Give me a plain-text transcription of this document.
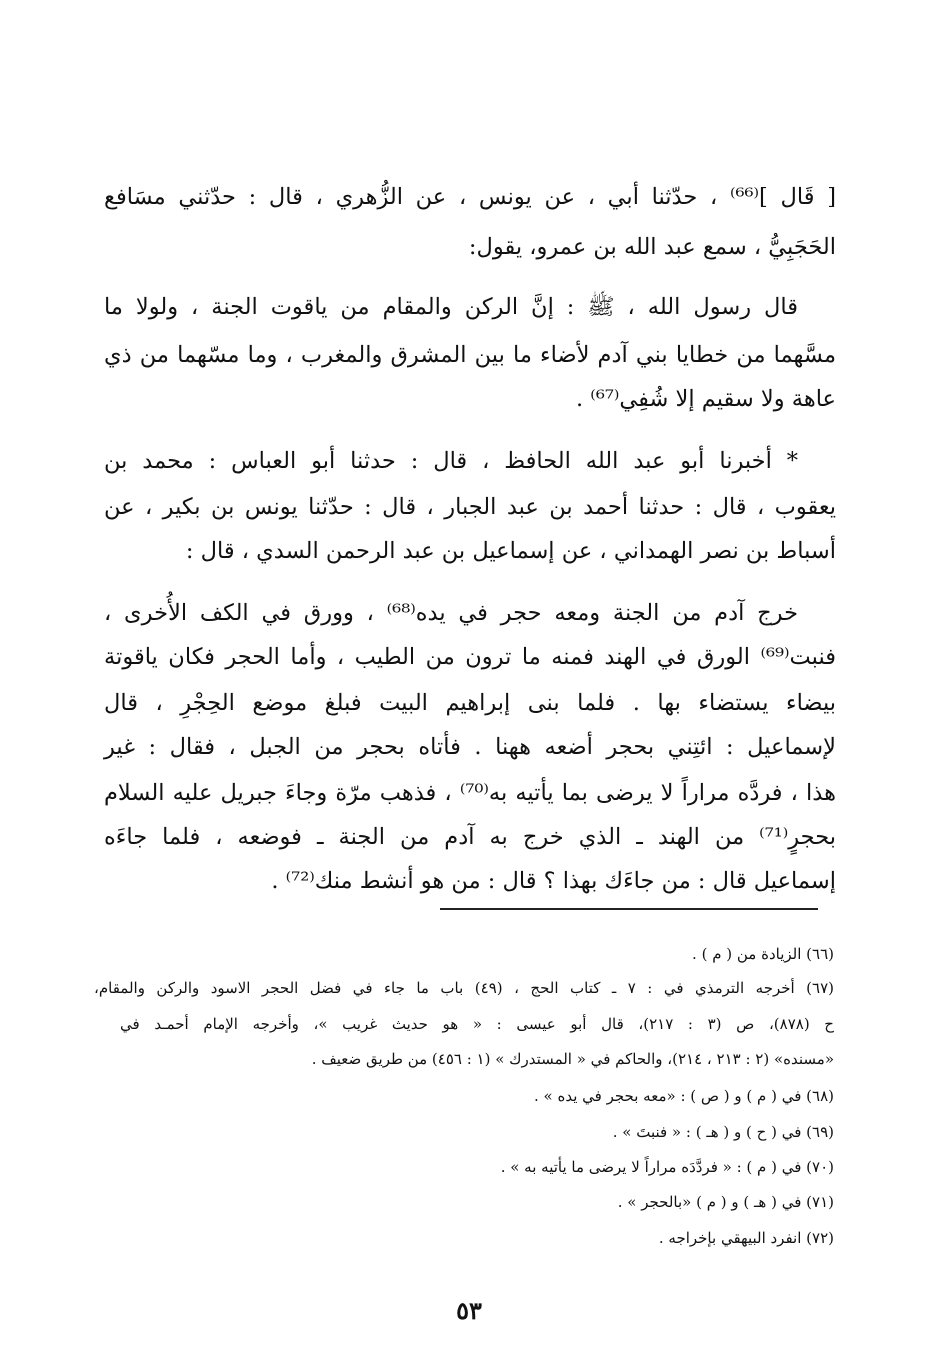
[ قَال ]⁽⁶⁶⁾ ، حدّثنا أبي ، عن يونس ، عن الزُّهري ، قال : حدّثني مسَافع
الحَجَبِيُّ ، سمع عبد الله بن عمرو، يقول:
قال رسول الله ، ﷺ : إنَّ الركن والمقام من ياقوت الجنة ، ولولا ما
مسَّهما من خطايا بني آدم لأضاء ما بين المشرق والمغرب ، وما مسّهما من ذي
عاهة ولا سقيم إلا شُفِي⁽⁶⁷⁾ .
* أخبرنا أبو عبد الله الحافظ ، قال : حدثنا أبو العباس : محمد بن
يعقوب ، قال : حدثنا أحمد بن عبد الجبار ، قال : حدّثنا يونس بن بكير ، عن
أسباط بن نصر الهمداني ، عن إسماعيل بن عبد الرحمن السدي ، قال :
خرج آدم من الجنة ومعه حجر في يده⁽⁶⁸⁾ ، وورق في الكف الأُخرى ،
فنبت⁽⁶⁹⁾ الورق في الهند فمنه ما ترون من الطيب ، وأما الحجر فكان ياقوتة
بيضاء يستضاء بها . فلما بنى إبراهيم البيت فبلغ موضع الحِجْرِ ، قال
لإسماعيل : ائتِني بحجر أضعه ههنا . فأتاه بحجر من الجبل ، فقال : غير
هذا ، فردَّه مراراً لا يرضى بما يأتيه به⁽⁷⁰⁾ ، فذهب مرّة وجاءَ جبريل عليه السلام
بحجرٍ⁽⁷¹⁾ من الهند ـ الذي خرج به آدم من الجنة ـ فوضعه ، فلما جاءَه
إسماعيل قال : من جاءَك بهذا ؟ قال : من هو أنشط منك⁽⁷²⁾ .
(٦٦) الزيادة من ( م ) .
(٦٧) أخرجه الترمذي في : ٧ ـ كتاب الحج ، (٤٩) باب ما جاء في فضل الحجر الاسود والركن والمقام،
ح (٨٧٨)، ص (٣ : ٢١٧)، قال أبو عيسى : « هو حديث غريب »، وأخرجه الإمام أحمـد في
«مسنده» (٢ : ٢١٣ ، ٢١٤)، والحاكم في « المستدرك » (١ : ٤٥٦) من طريق ضعيف .
(٦٨) في ( م ) و ( ص ) : «معه بحجر في يده » .
(٦٩) في ( ح ) و ( هـ ) : « فنبتَ » .
(٧٠) في ( م ) : « فردَّدَه مراراً لا يرضى ما يأتيه به » .
(٧١) في ( هـ ) و ( م ) «بالحجر » .
(٧٢) انفرد البيهقي بإخراجه .
٥٣
